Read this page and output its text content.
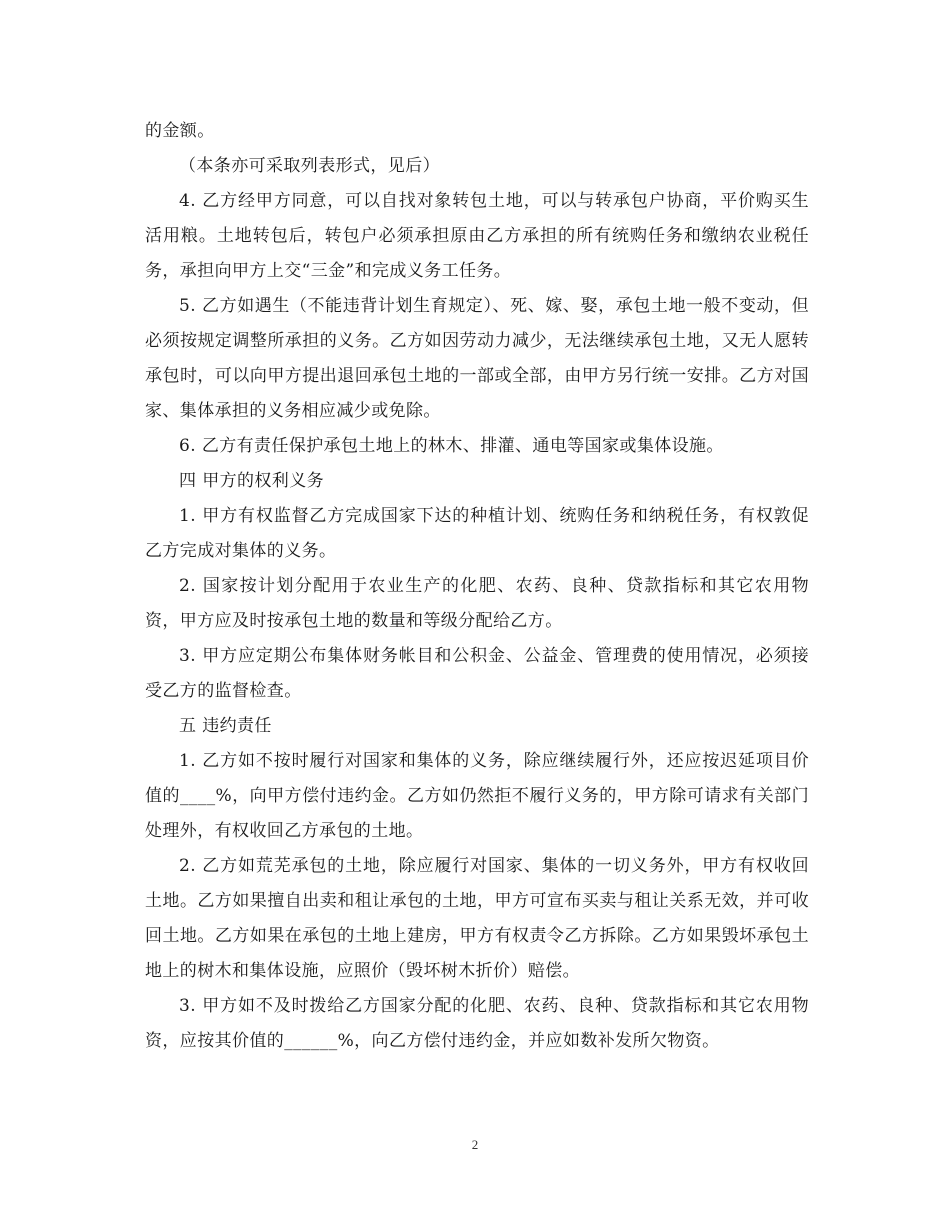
的金额。

（本条亦可采取列表形式，见后）

4. 乙方经甲方同意，可以自找对象转包土地，可以与转承包户协商，平价购买生活用粮。土地转包后，转包户必须承担原由乙方承担的所有统购任务和缴纳农业税任务，承担向甲方上交“三金”和完成义务工任务。

5. 乙方如遇生（不能违背计划生育规定）、死、嫁、娶，承包土地一般不变动，但必须按规定调整所承担的义务。乙方如因劳动力减少，无法继续承包土地，又无人愿转承包时，可以向甲方提出退回承包土地的一部或全部，由甲方另行统一安排。乙方对国家、集体承担的义务相应减少或免除。

6. 乙方有责任保护承包土地上的林木、排灌、通电等国家或集体设施。

四 甲方的权利义务

1. 甲方有权监督乙方完成国家下达的种植计划、统购任务和纳税任务，有权敦促乙方完成对集体的义务。

2. 国家按计划分配用于农业生产的化肥、农药、良种、贷款指标和其它农用物资，甲方应及时按承包土地的数量和等级分配给乙方。

3. 甲方应定期公布集体财务帐目和公积金、公益金、管理费的使用情况，必须接受乙方的监督检查。

五 违约责任

1. 乙方如不按时履行对国家和集体的义务，除应继续履行外，还应按迟延项目价值的____%，向甲方偿付违约金。乙方如仍然拒不履行义务的，甲方除可请求有关部门处理外，有权收回乙方承包的土地。

2. 乙方如荒芜承包的土地，除应履行对国家、集体的一切义务外，甲方有权收回土地。乙方如果擅自出卖和租让承包的土地，甲方可宣布买卖与租让关系无效，并可收回土地。乙方如果在承包的土地上建房，甲方有权责令乙方拆除。乙方如果毁坏承包土地上的树木和集体设施，应照价（毁坏树木折价）赔偿。

3. 甲方如不及时拨给乙方国家分配的化肥、农药、良种、贷款指标和其它农用物资，应按其价值的______%，向乙方偿付违约金，并应如数补发所欠物资。

2
